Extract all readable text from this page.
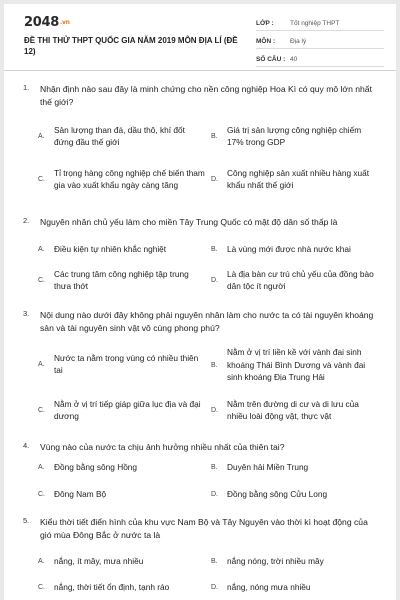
2048.vn
ĐỀ THI THỬ THPT QUỐC GIA NĂM 2019 MÔN ĐỊA LÍ (ĐỀ 12)
LỚP :	Tốt nghiệp THPT
MÔN : Địa lý
SỐ CÂU : 40
1. Nhận định nào sau đây là minh chứng cho nền công nghiệp Hoa Kì có quy mô lớn nhất thế giới?
A.
Sản lượng than đá, dầu thô, khí đốt đứng đầu thế giới
B.
Giá trị sản lượng công nghiệp chiếm 17% trong GDP
C.
Tỉ trọng hàng công nghiệp chế biến tham gia vào xuất khẩu ngày càng tăng
D.
Công nghiệp sản xuất nhiều hàng xuất khẩu nhất thế giới
2. Nguyên nhân chủ yếu làm cho miền Tây Trung Quốc có mật độ dân số thấp là
A. Điều kiện tự nhiên khắc nghiệt	B. Là vùng mới được nhà nước khai
C.
Các trung tâm công nghiệp tập trung thưa thớt
D.
Là địa bàn cư trú chủ yếu của đồng bào dân tộc ít người
3. Nội dung nào dưới đây không phải nguyên nhân làm cho nước ta có tài nguyên khoáng sản và tài nguyên sinh vật vô cùng phong phú?
A.
Nước ta nằm trong vùng có nhiều thiên tai	B.
Nằm ở vị trí liền kề với vành đai sinh khoáng Thái Bình Dương và vành đai sinh khoáng Địa Trung Hải
C.
Nằm ở vị trí tiếp giáp giữa lục địa và đại dương
D.
Nằm trên đường di cư và di lưu của nhiều loài động vật, thực vật
4. Vùng nào của nước ta chịu ảnh hưởng nhiều nhất của thiên tai?
A. Đồng bằng sông Hồng	B. Duyên hải Miền Trung
C. Đông Nam Bộ	D. Đồng bằng sông Cửu Long
5. Kiểu thời tiết điển hình của khu vực Nam Bộ và Tây Nguyên vào thời kì hoạt động của gió mùa Đông Bắc ở nước ta là
A. nắng, ít mây, mưa nhiều	B. nắng nóng, trời nhiều mây
C. nắng, thời tiết ổn định, tạnh ráo	D. nắng, nóng mưa nhiều
